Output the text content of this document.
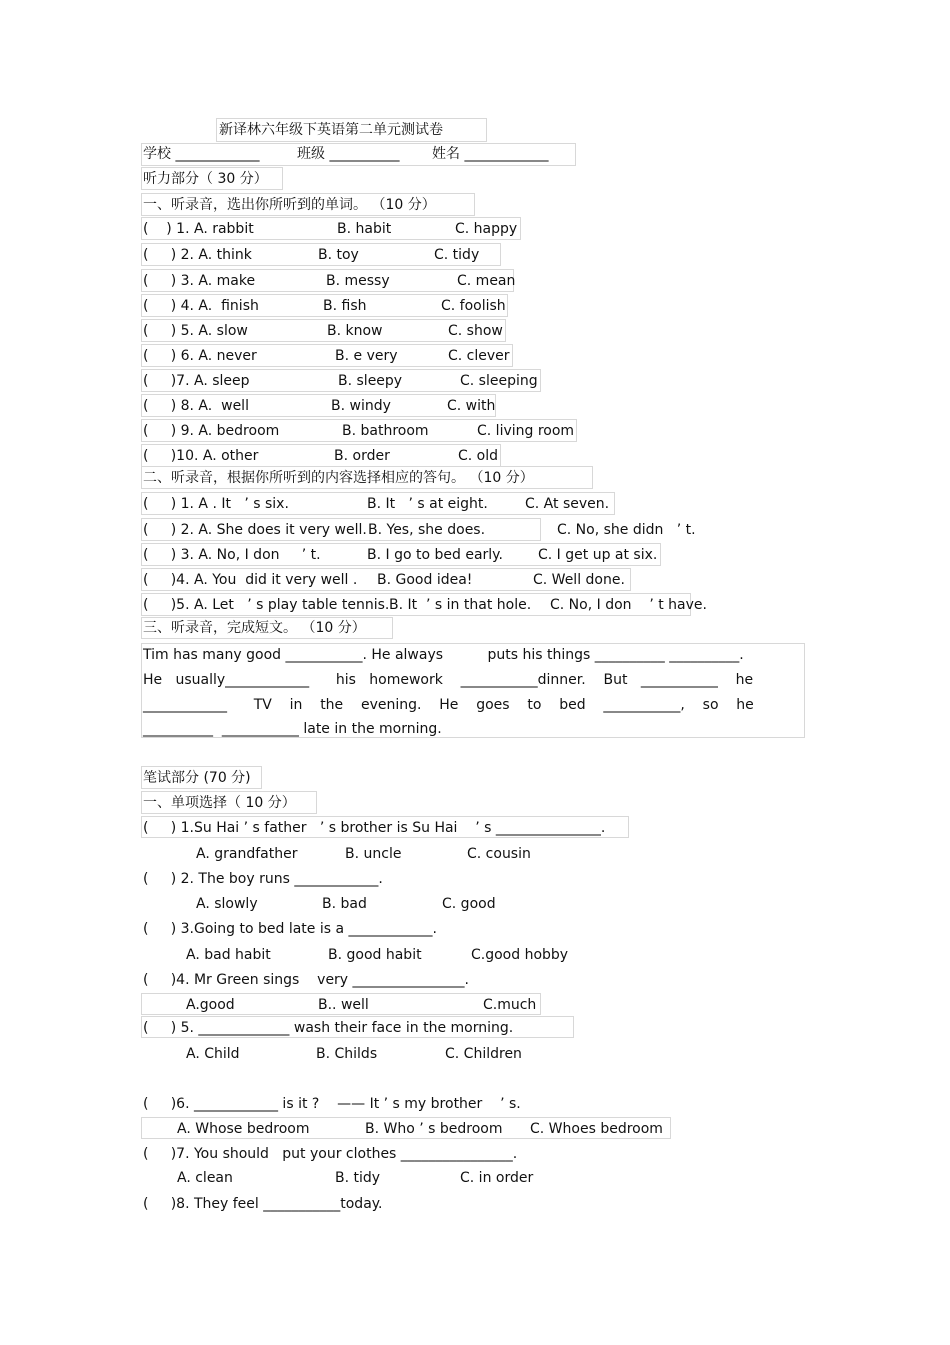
新译林六年级下英语第二单元测试卷
学校 ____________	班级 __________ 姓名 ____________
听力部分（ 30 分）
一、听录音，选出你所听到的单词。 （10 分）
(    ) 1. A. rabbit	B. habit	C. happy
(     ) 2. A. think	B. toy	C. tidy
(     ) 3. A. make	B. messy	C. mean
(     ) 4. A.  finish	B. fish	C. foolish
(     ) 5. A. slow	B. know	C. show
(     ) 6. A. never	B. e very	C. clever
(     )7. A. sleep	B. sleepy	C. sleeping
(     ) 8. A.  well	B. windy	C. with
(     ) 9. A. bedroom	B. bathroom	C. living room
(     )10. A. other	B. order	C. old
二、听录音，根据你所听到的内容选择相应的答句。 （10 分）
(     ) 1. A . It   ’ s six.	B. It   ’ s at eight.	C. At seven.
(     ) 2. A. She does it very well. B. Yes, she does.	C. No, she didn   ’ t.
(     ) 3. A. No, I don     ’ t.	B. I go to bed early.	C. I get up at six.
(     )4. A. You  did it very well . B. Good idea!	C. Well done.
(     )5. A. Let   ’ s play table tennis. B. It  ’ s in that hole. C. No, I don    ’ t have.
三、听录音，完成短文。 （10 分）
Tim has many good ___________. He always          puts his things __________ __________.
He   usually____________      his   homework    ___________dinner.    But   ___________    he
____________      TV    in    the    evening.    He    goes    to    bed    ___________,    so    he
__________  ___________ late in the morning.
笔试部分 (70 分)
一、单项选择（ 10 分）
(     ) 1.Su Hai ’ s father   ’ s brother is Su Hai    ’ s _______________.
A. grandfather	B. uncle	C. cousin
(     ) 2. The boy runs ____________.
A. slowly	B. bad	C. good
(     ) 3.Going to bed late is a ____________.
A. bad habit	B. good habit	C.good hobby
(     )4. Mr Green sings    very ________________.
A.good	B.. well	C.much
(     ) 5. _____________ wash their face in the morning.
A. Child	B. Childs	C. Children
(     )6. ____________ is it ?    —— It ’ s my brother    ’ s.
A. Whose bedroom	B. Who ’ s bedroom C. Whoes bedroom
(     )7. You should   put your clothes ________________.
A. clean	B. tidy	C. in order
(     )8. They feel ___________today.
